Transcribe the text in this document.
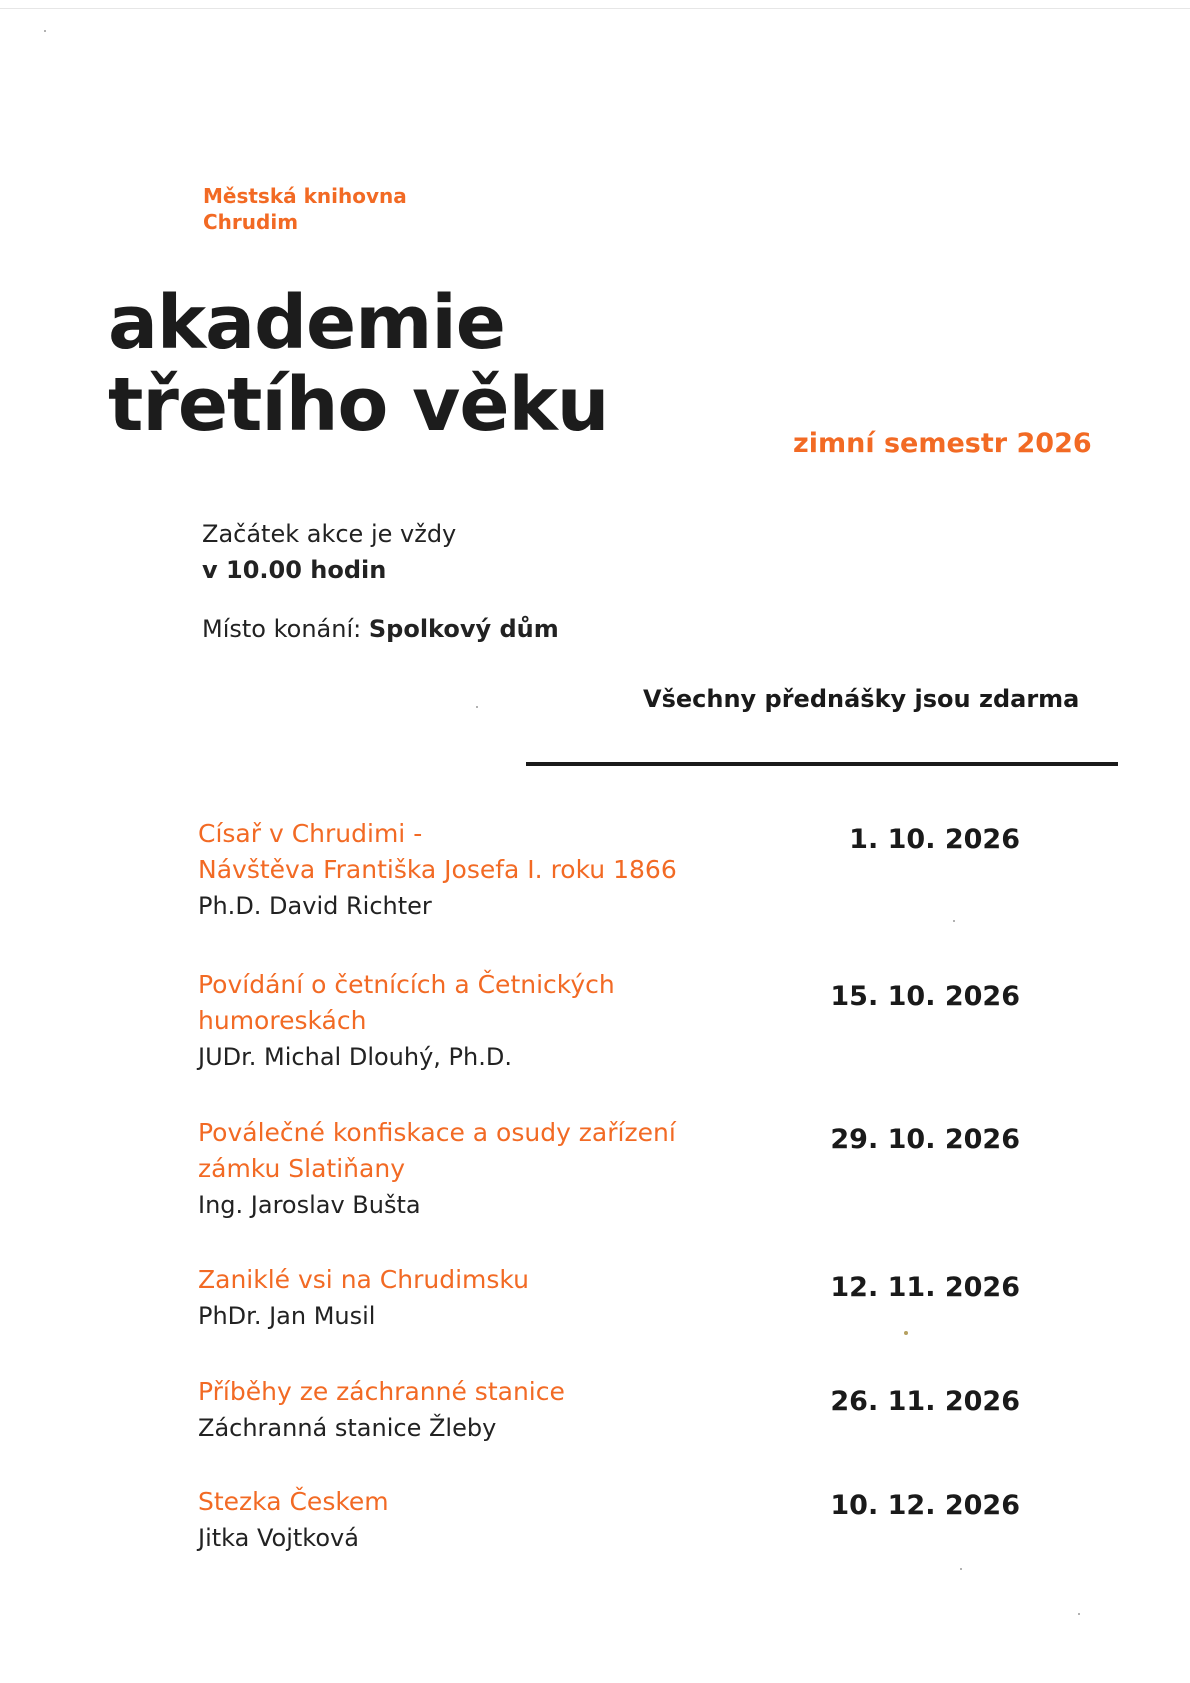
Městská knihovna
Chrudim
akademie
třetího věku	zimní semestr 2026
Začátek akce je vždy
v 10.00 hodin
Místo konání: Spolkový dům
Všechny přednášky jsou zdarma
Císař v Chrudimi -
Návštěva Františka Josefa I. roku 1866
Ph.D. David Richter
1. 10. 2026
Povídání o četnících a Četnických
humoreskách
JUDr. Michal Dlouhý, Ph.D.
15. 10. 2026
Poválečné konfiskace a osudy zařízení
zámku Slatiňany
Ing. Jaroslav Bušta
29. 10. 2026
Zaniklé vsi na Chrudimsku
PhDr. Jan Musil
12. 11. 2026
Příběhy ze záchranné stanice
Záchranná stanice Žleby
26. 11. 2026
Stezka Českem
Jitka Vojtková
10. 12. 2026
